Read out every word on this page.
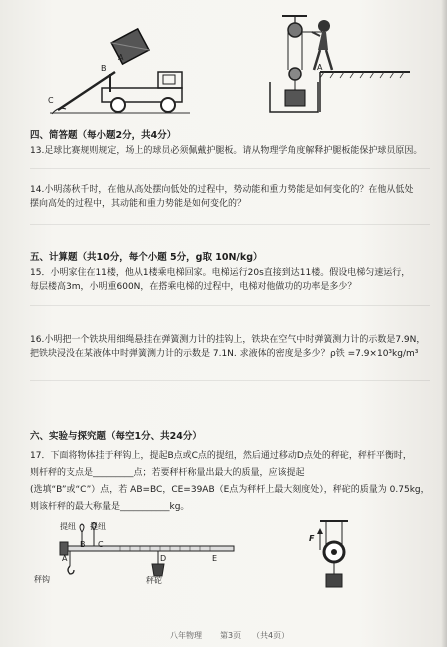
A
B
C
A
四、简答题（每小题2分，共4分）
13.足球比赛规则规定，场上的球员必须佩戴护腿板。请从物理学角度解释护腿板能保护球员原因。
14.小明荡秋千时，在他从高处摆向低处的过程中，势动能和重力势能是如何变化的？在他从低处
摆向高处的过程中，其动能和重力势能是如何变化的？
五、计算题（共10分，每个小题 5分，g取 10N/kg）
15．小明家住在11楼，他从1楼乘电梯回家。电梯运行20s直接到达11楼。假设电梯匀速运行，
每层楼高3m，小明重600N，在搭乘电梯的过程中，电梯对他做功的功率是多少？
16.小明把一个铁块用细绳悬挂在弹簧测力计的挂钩上，铁块在空气中时弹簧测力计的示数是7.9N，
把铁块浸没在某液体中时弹簧测力计的示数是 7.1N. 求液体的密度是多少？ ρ铁 =7.9×10³kg/m³
六、实验与探究题（每空1分、共24分）
17．下面将物体挂于秤钩上，提起B点或C点的提纽，然后通过移动D点处的秤砣，秤杆平衡时，
则杆秤的支点是_________点；若要秤杆称量出最大的质量，应该提起
(选填“B”或“C”）点，若 AB=BC，CE=39AB（E点为秤杆上最大刻度处），秤砣的质量为 0.75kg，
则该杆秤的最大称量是___________kg。
提纽 提纽
A
B C
D	E
秤钩	秤砣
F
八年物理 第3页 （共4页）
